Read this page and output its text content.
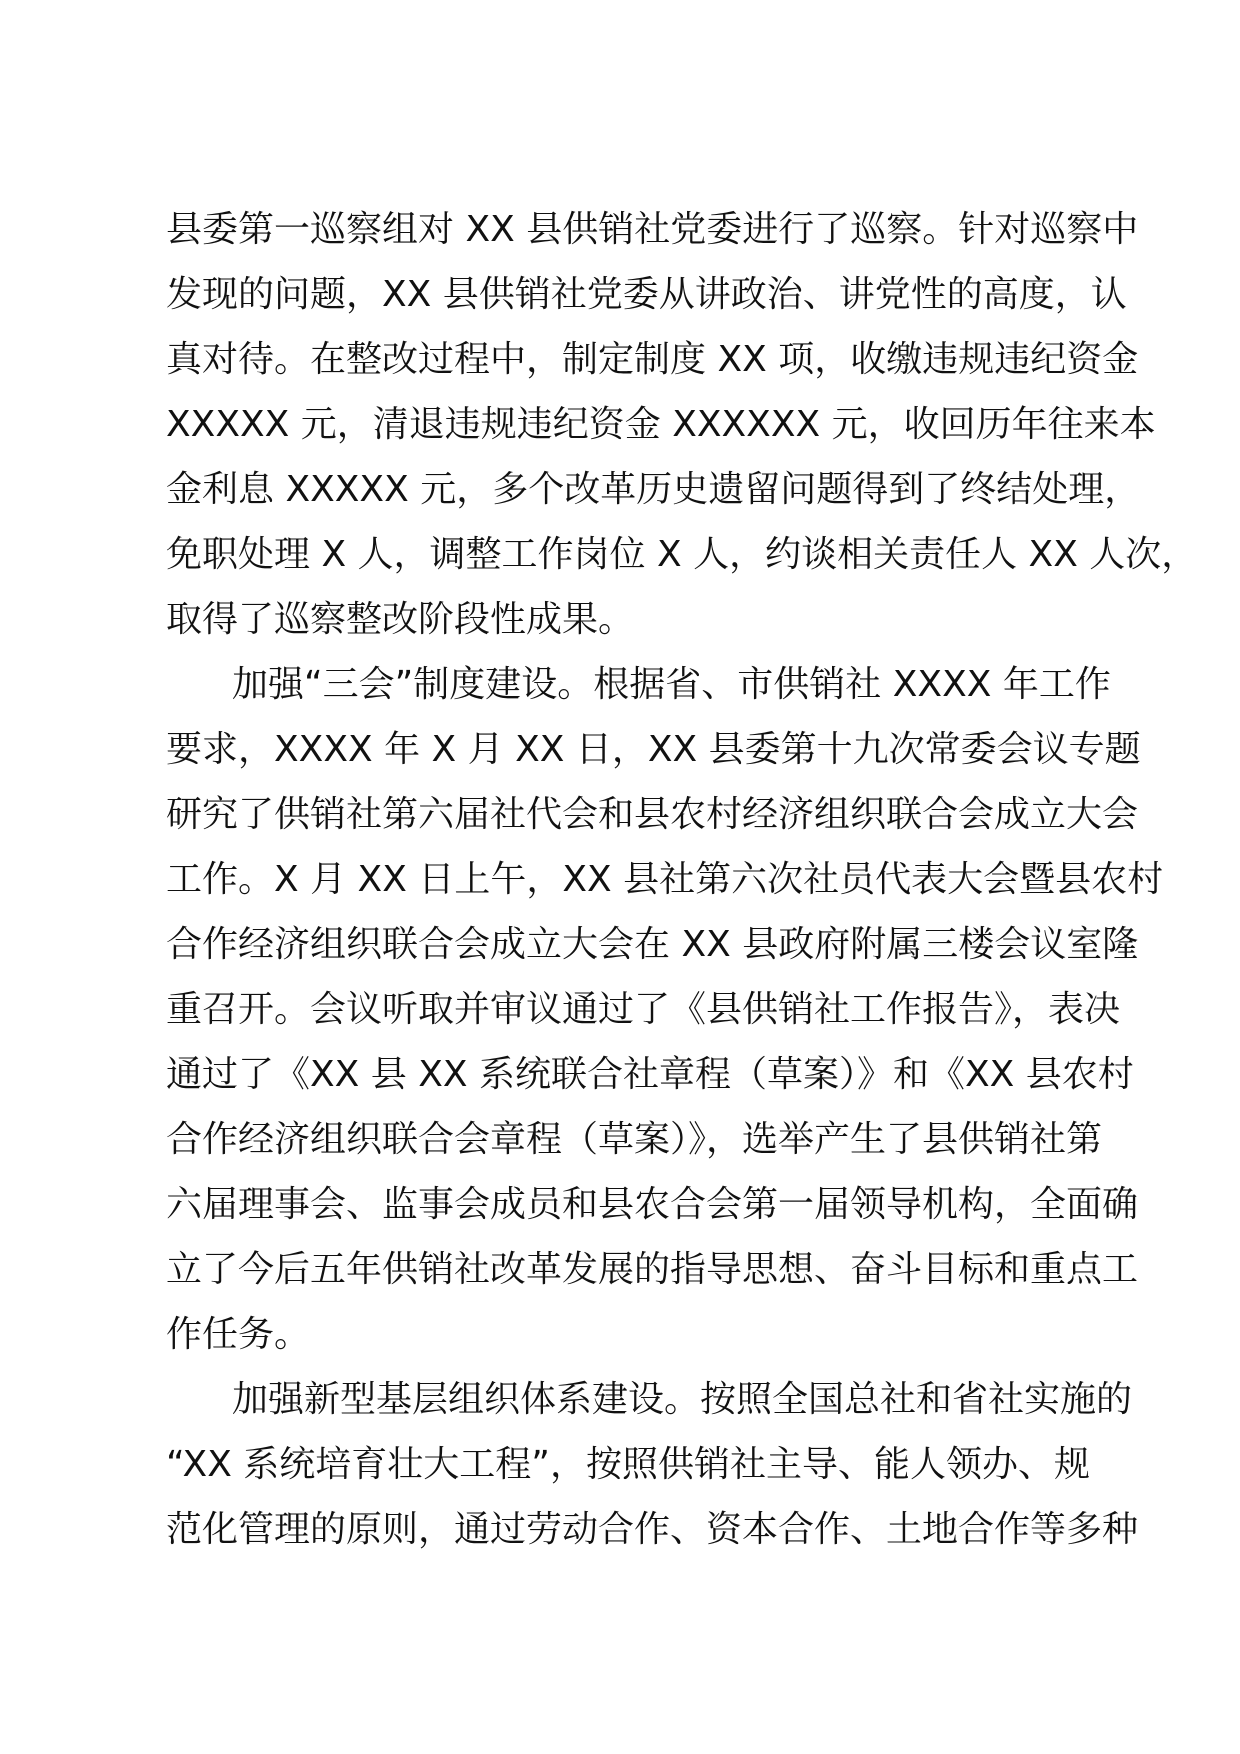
县委第一巡察组对 XX 县供销社党委进行了巡察。针对巡察中
发现的问题，XX 县供销社党委从讲政治、讲党性的高度，认
真对待。在整改过程中，制定制度 XX 项，收缴违规违纪资金
XXXXX 元，清退违规违纪资金 XXXXXX 元，收回历年往来本
金利息 XXXXX 元，多个改革历史遗留问题得到了终结处理，
免职处理 X 人，调整工作岗位 X 人，约谈相关责任人 XX 人次，
取得了巡察整改阶段性成果。
加强“三会”制度建设。根据省、市供销社 XXXX 年工作
要求，XXXX 年 X 月 XX 日，XX 县委第十九次常委会议专题
研究了供销社第六届社代会和县农村经济组织联合会成立大会
工作。X 月 XX 日上午，XX 县社第六次社员代表大会暨县农村
合作经济组织联合会成立大会在 XX 县政府附属三楼会议室隆
重召开。会议听取并审议通过了《县供销社工作报告》，表决
通过了《XX 县 XX 系统联合社章程（草案）》和《XX 县农村
合作经济组织联合会章程（草案）》，选举产生了县供销社第
六届理事会、监事会成员和县农合会第一届领导机构，全面确
立了今后五年供销社改革发展的指导思想、奋斗目标和重点工
作任务。
加强新型基层组织体系建设。按照全国总社和省社实施的
“XX 系统培育壮大工程”，按照供销社主导、能人领办、规
范化管理的原则，通过劳动合作、资本合作、土地合作等多种
